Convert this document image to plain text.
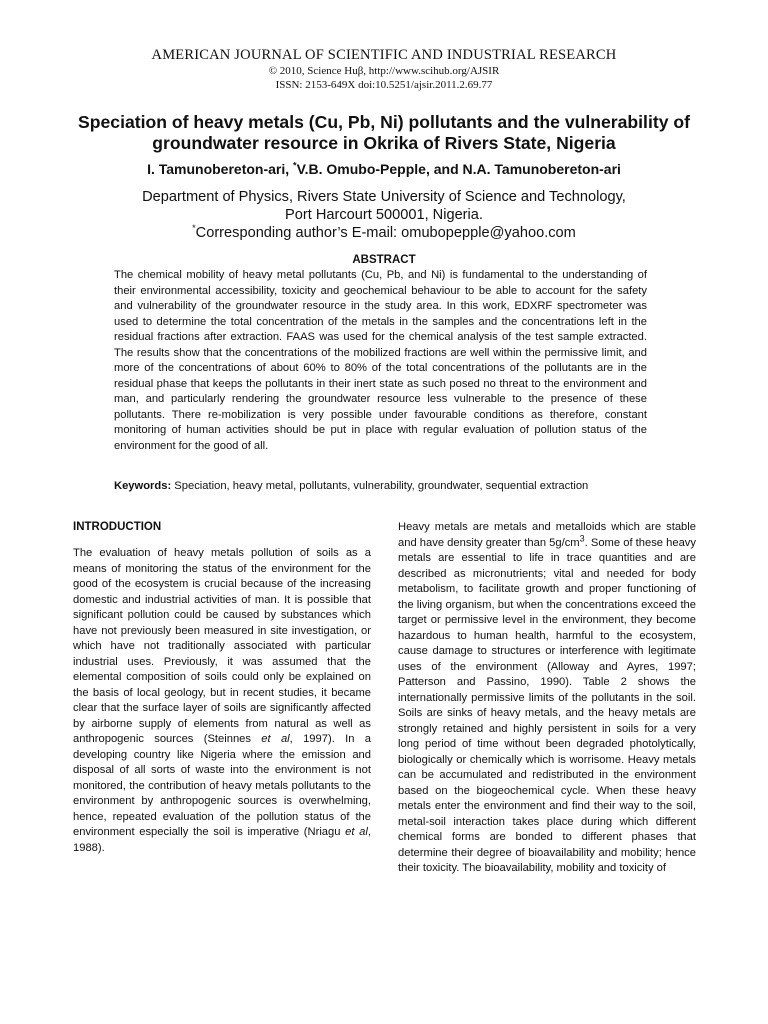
AMERICAN JOURNAL OF SCIENTIFIC AND INDUSTRIAL RESEARCH
© 2010, Science Huβ, http://www.scihub.org/AJSIR
ISSN: 2153-649X doi:10.5251/ajsir.2011.2.69.77
Speciation of heavy metals (Cu, Pb, Ni) pollutants and the vulnerability of groundwater resource in Okrika of Rivers State, Nigeria
I. Tamunobereton-ari, *V.B. Omubo-Pepple, and N.A. Tamunobereton-ari
Department of Physics, Rivers State University of Science and Technology,
Port Harcourt 500001, Nigeria.
*Corresponding author’s E-mail: omubopepple@yahoo.com
ABSTRACT

The chemical mobility of heavy metal pollutants (Cu, Pb, and Ni) is fundamental to the understanding of their environmental accessibility, toxicity and geochemical behaviour to be able to account for the safety and vulnerability of the groundwater resource in the study area. In this work, EDXRF spectrometer was used to determine the total concentration of the metals in the samples and the concentrations left in the residual fractions after extraction. FAAS was used for the chemical analysis of the test sample extracted. The results show that the concentrations of the mobilized fractions are well within the permissive limit, and more of the concentrations of about 60% to 80% of the total concentrations of the pollutants are in the residual phase that keeps the pollutants in their inert state as such posed no threat to the environment and man, and particularly rendering the groundwater resource less vulnerable to the presence of these pollutants. There re-mobilization is very possible under favourable conditions as therefore, constant monitoring of human activities should be put in place with regular evaluation of pollution status of the environment for the good of all.

Keywords: Speciation, heavy metal, pollutants, vulnerability, groundwater, sequential extraction
INTRODUCTION

The evaluation of heavy metals pollution of soils as a means of monitoring the status of the environment for the good of the ecosystem is crucial because of the increasing domestic and industrial activities of man. It is possible that significant pollution could be caused by substances which have not previously been measured in site investigation, or which have not traditionally associated with particular industrial uses. Previously, it was assumed that the elemental composition of soils could only be explained on the basis of local geology, but in recent studies, it became clear that the surface layer of soils are significantly affected by airborne supply of elements from natural as well as anthropogenic sources (Steinnes et al, 1997). In a developing country like Nigeria where the emission and disposal of all sorts of waste into the environment is not monitored, the contribution of heavy metals pollutants to the environment by anthropogenic sources is overwhelming, hence, repeated evaluation of the pollution status of the environment especially the soil is imperative (Nriagu et al, 1988).

Heavy metals are metals and metalloids which are stable and have density greater than $5g/cm^3$. Some of these heavy metals are essential to life in trace quantities and are described as micronutrients; vital and needed for body metabolism, to facilitate growth and proper functioning of the living organism, but when the concentrations exceed the target or permissive level in the environment, they become hazardous to human health, harmful to the ecosystem, cause damage to structures or interference with legitimate uses of the environment (Alloway and Ayres, 1997; Patterson and Passino, 1990). Table 2 shows the internationally permissive limits of the pollutants in the soil. Soils are sinks of heavy metals, and the heavy metals are strongly retained and highly persistent in soils for a very long period of time without been degraded photolytically, biologically or chemically which is worrisome. Heavy metals can be accumulated and redistributed in the environment based on the biogeochemical cycle. When these heavy metals enter the environment and find their way to the soil, metal-soil interaction takes place during which different chemical forms are bonded to different phases that determine their degree of bioavailability and mobility; hence their toxicity. The bioavailability, mobility and toxicity of
